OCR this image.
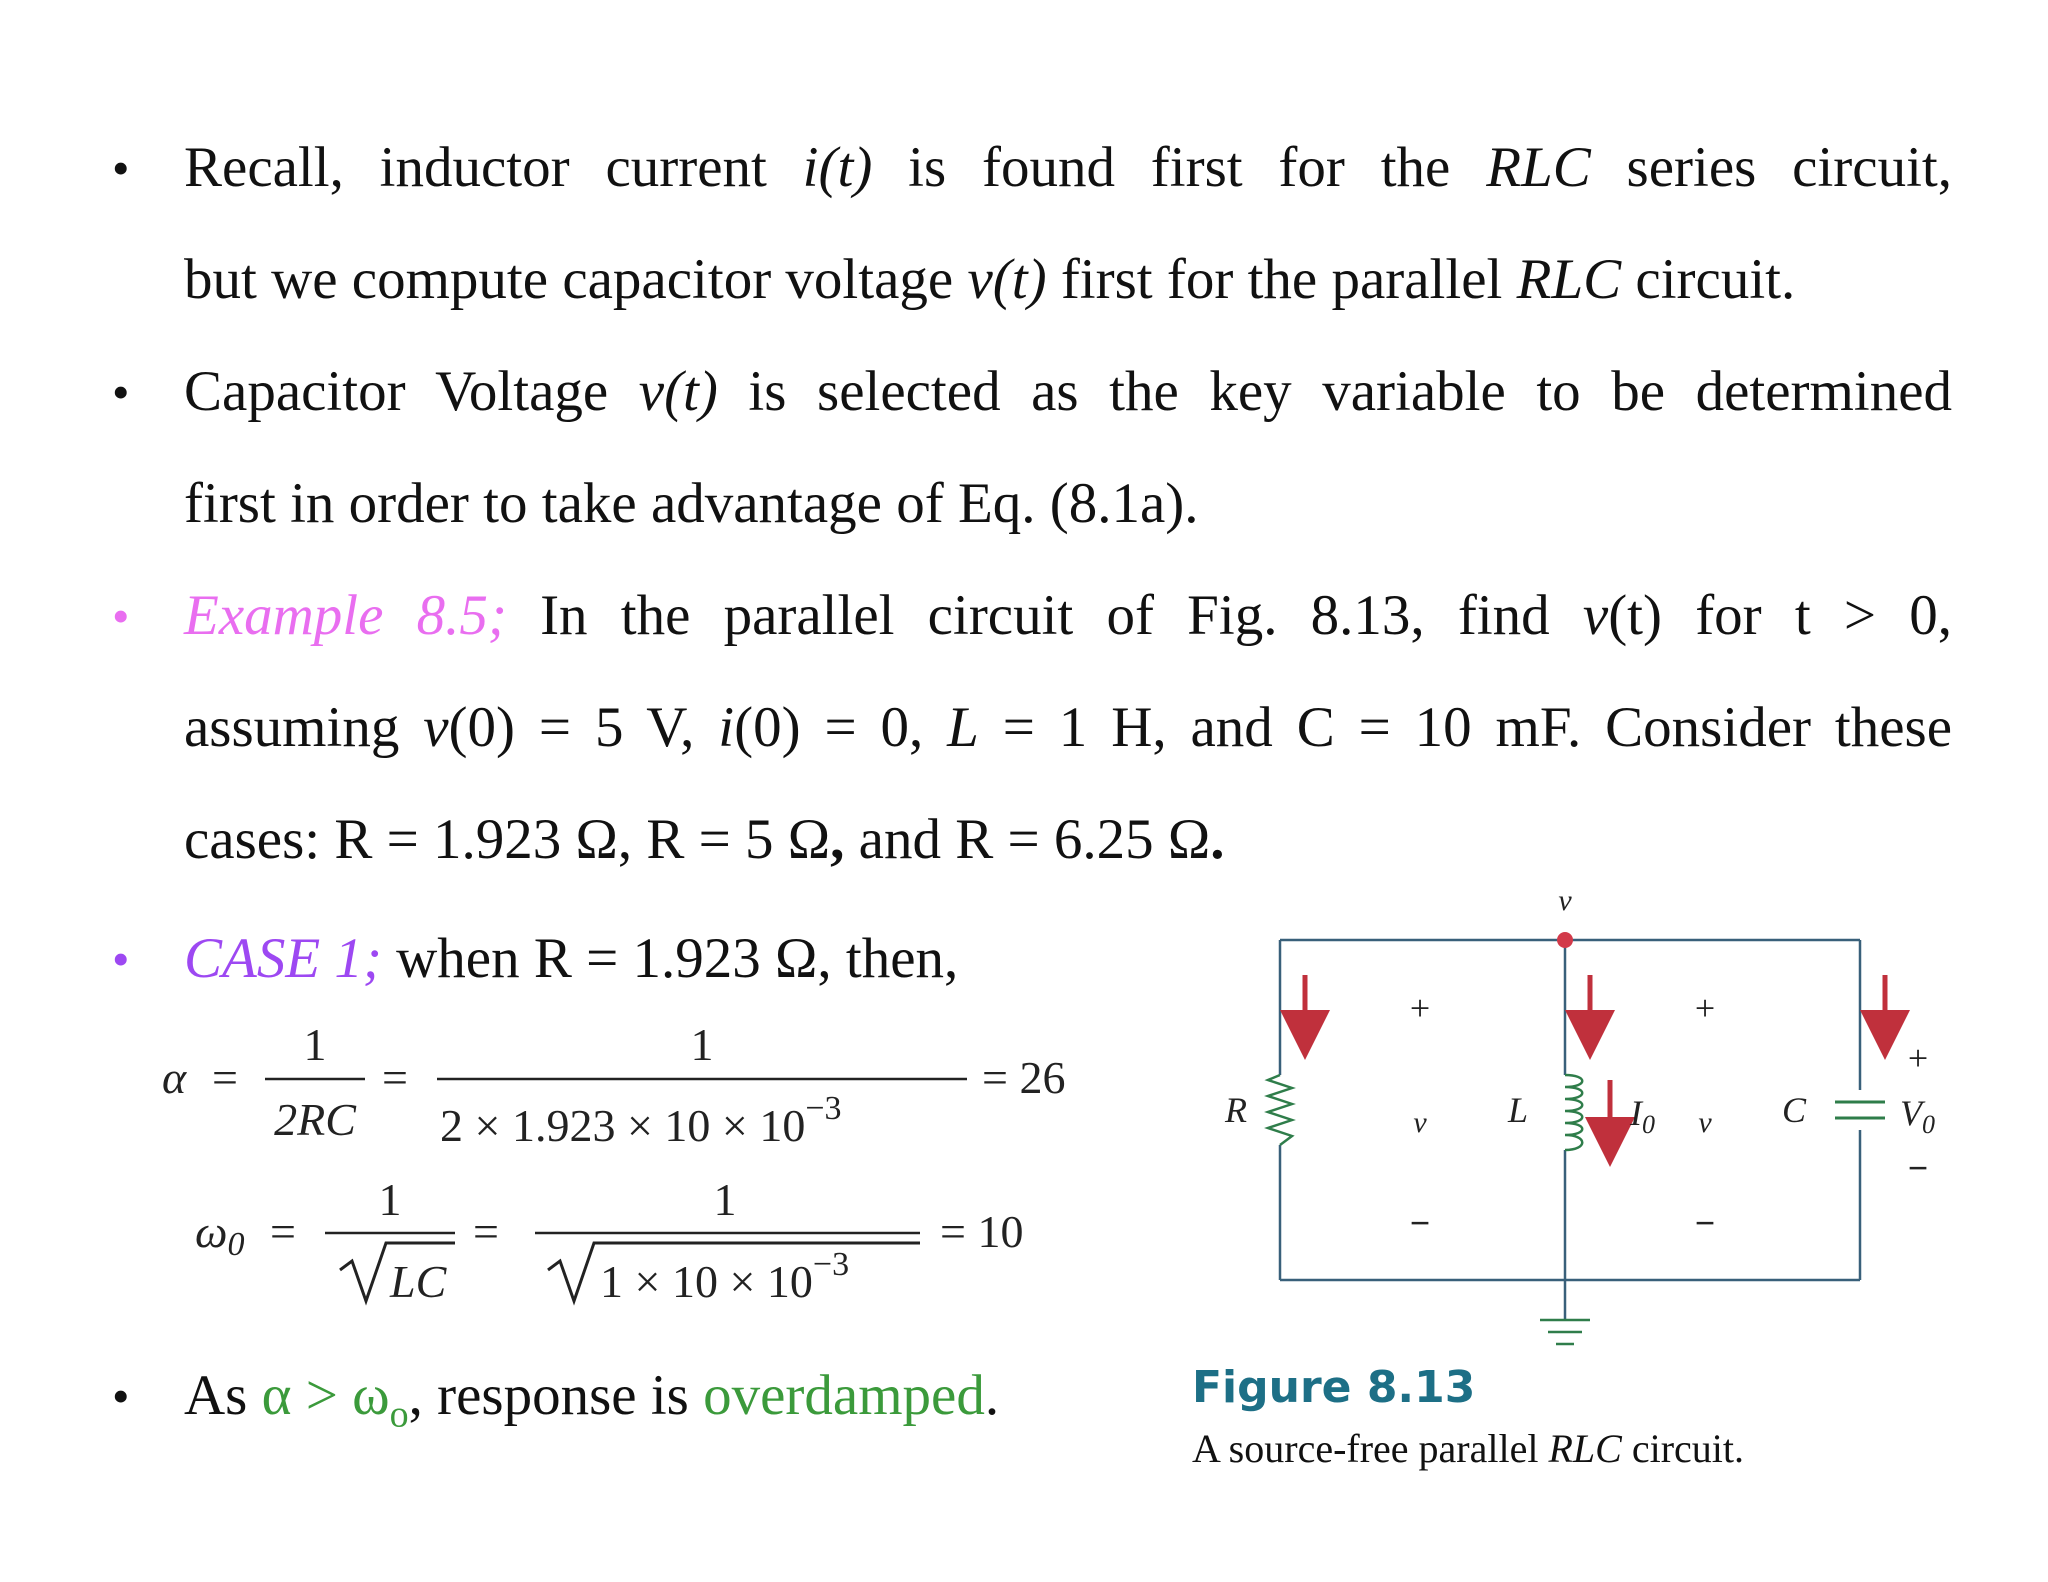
• Recall, inductor current i(t) is found first for the RLC series circuit,
but we compute capacitor voltage v(t) first for the parallel RLC circuit.
• Capacitor Voltage v(t) is selected as the key variable to be determined
first in order to take advantage of Eq. (8.1a).
• Example 8.5; In the parallel circuit of Fig. 8.13, find v(t) for t > 0,
assuming v(0) = 5 V, i(0) = 0, L = 1 H, and C = 10 mF. Consider these
cases: R = 1.923 Ω, R = 5 Ω, and R = 6.25 Ω.
• CASE 1; when R = 1.923 Ω, then,
α =
1
2RC
=
1
$2 \times 1.923 \times 10 \times 10^{-3}$
= 26
ω0 =
1
LC
=
1
$1 \times 10 \times 10^{-3}$
= 10
• As $\alpha > \omega_o$, response is overdamped.
v
R	L	C
$I_0$	$V_0$
+	+
+
v	v
−	−
−
Figure 8.13
A source-free parallel RLC circuit.
